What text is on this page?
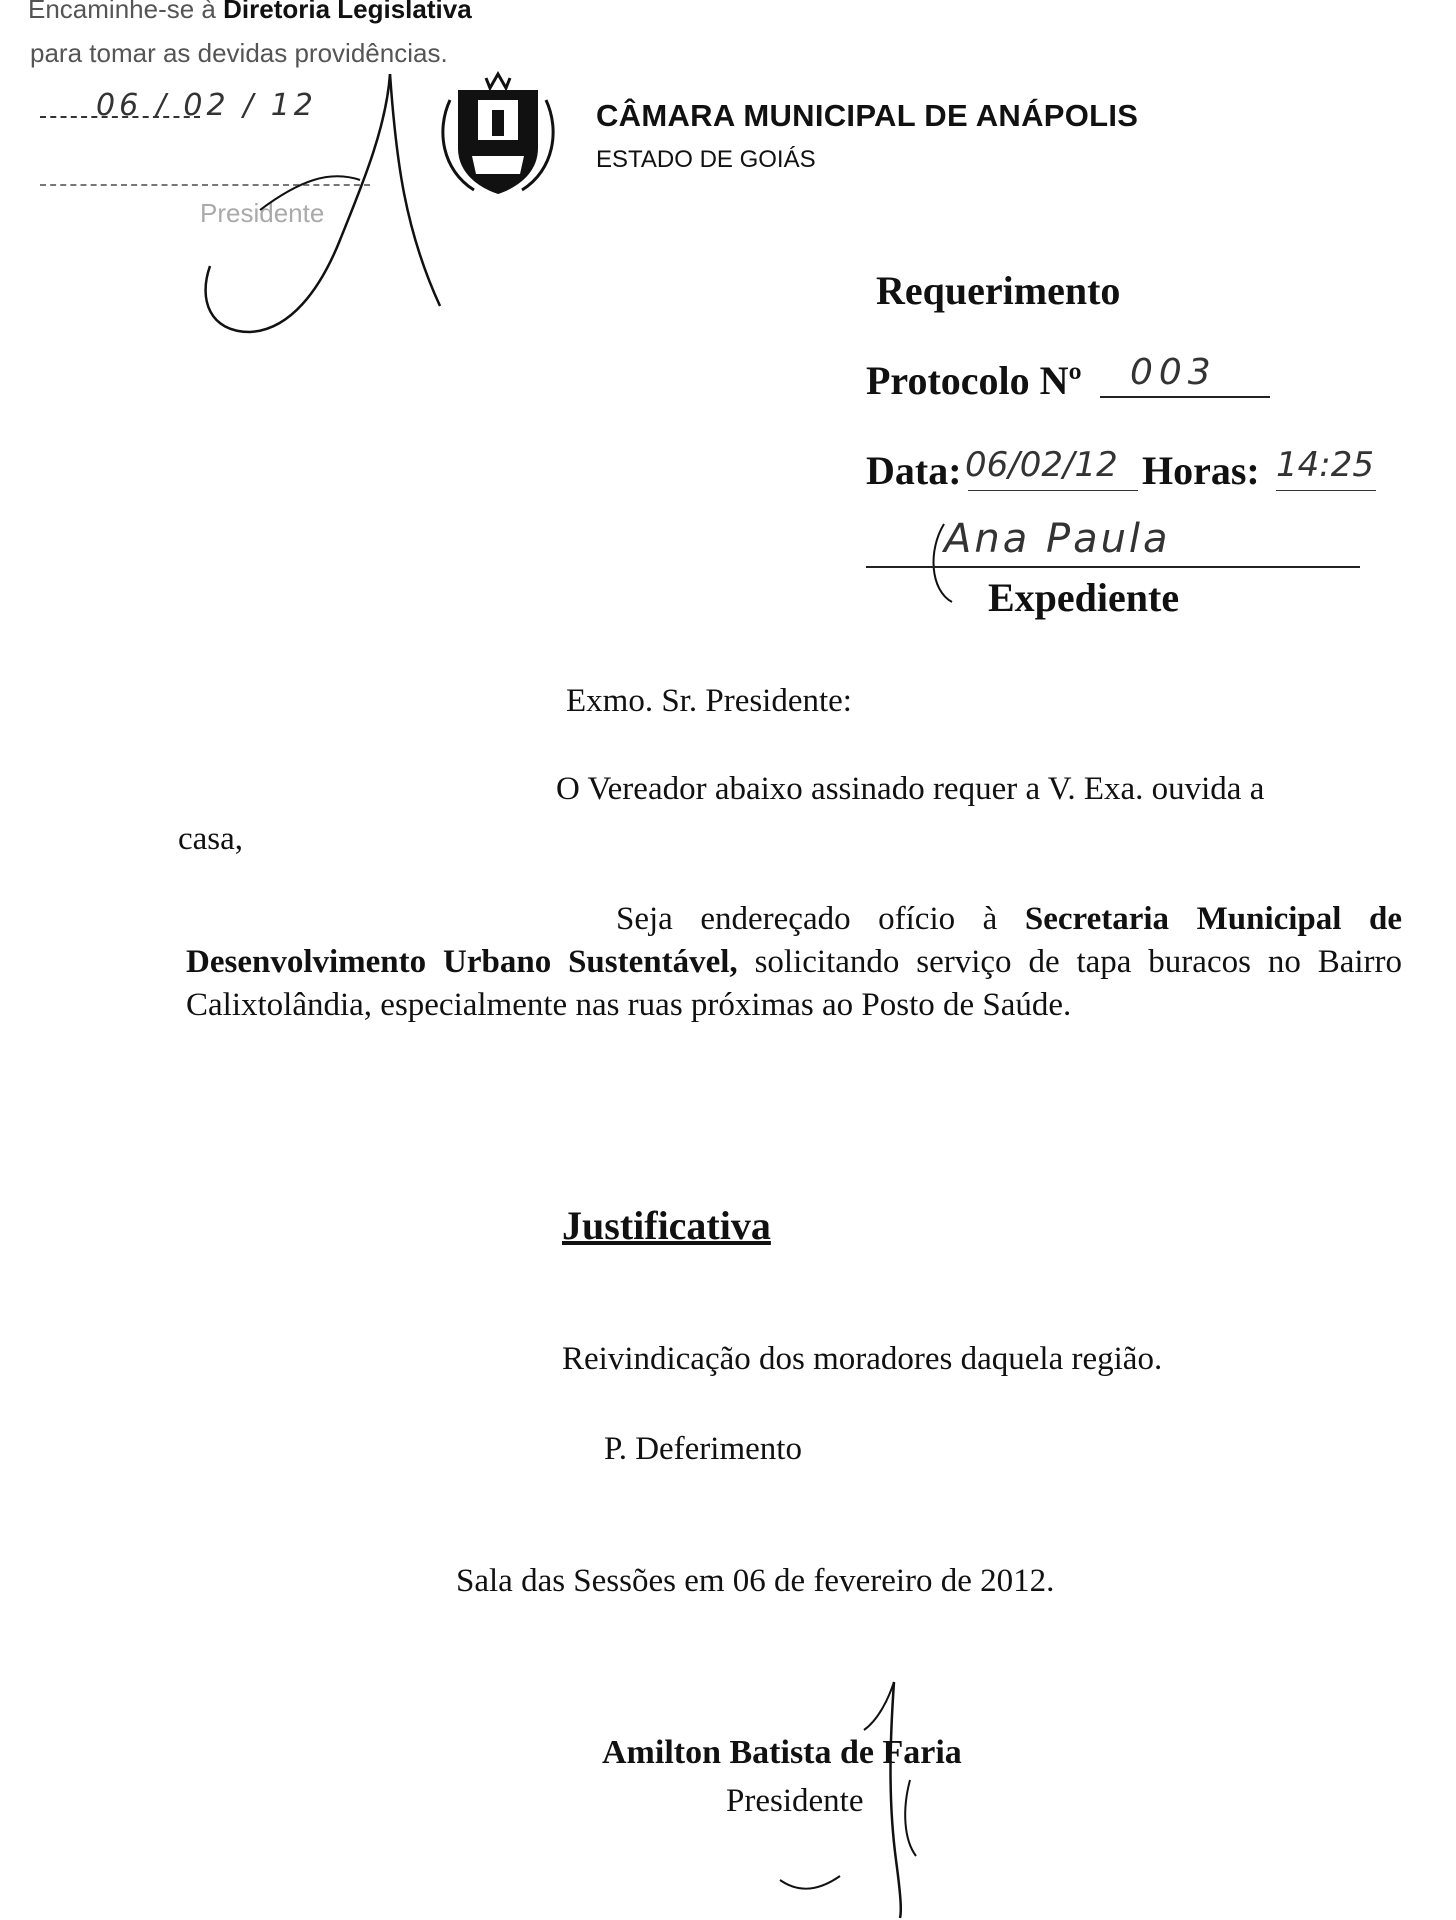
Encaminhe-se à Diretoria Legislativa
para tomar as devidas providências.
06 / 02 / 12
Presidente
CÂMARA MUNICIPAL DE ANÁPOLIS
ESTADO DE GOIÁS
Requerimento
Protocolo Nº 003
Data: 06/02/12 Horas: 14:25
Ana Paula
Expediente
Exmo. Sr. Presidente:
O Vereador abaixo assinado requer a V. Exa. ouvida a
casa,
Seja endereçado ofício à Secretaria Municipal de Desenvolvimento Urbano Sustentável, solicitando serviço de tapa buracos no Bairro Calixtolândia, especialmente nas ruas próximas ao Posto de Saúde.
Justificativa
Reivindicação dos moradores daquela região.
P. Deferimento
Sala das Sessões em 06 de fevereiro de 2012.
Amilton Batista de Faria
Presidente
